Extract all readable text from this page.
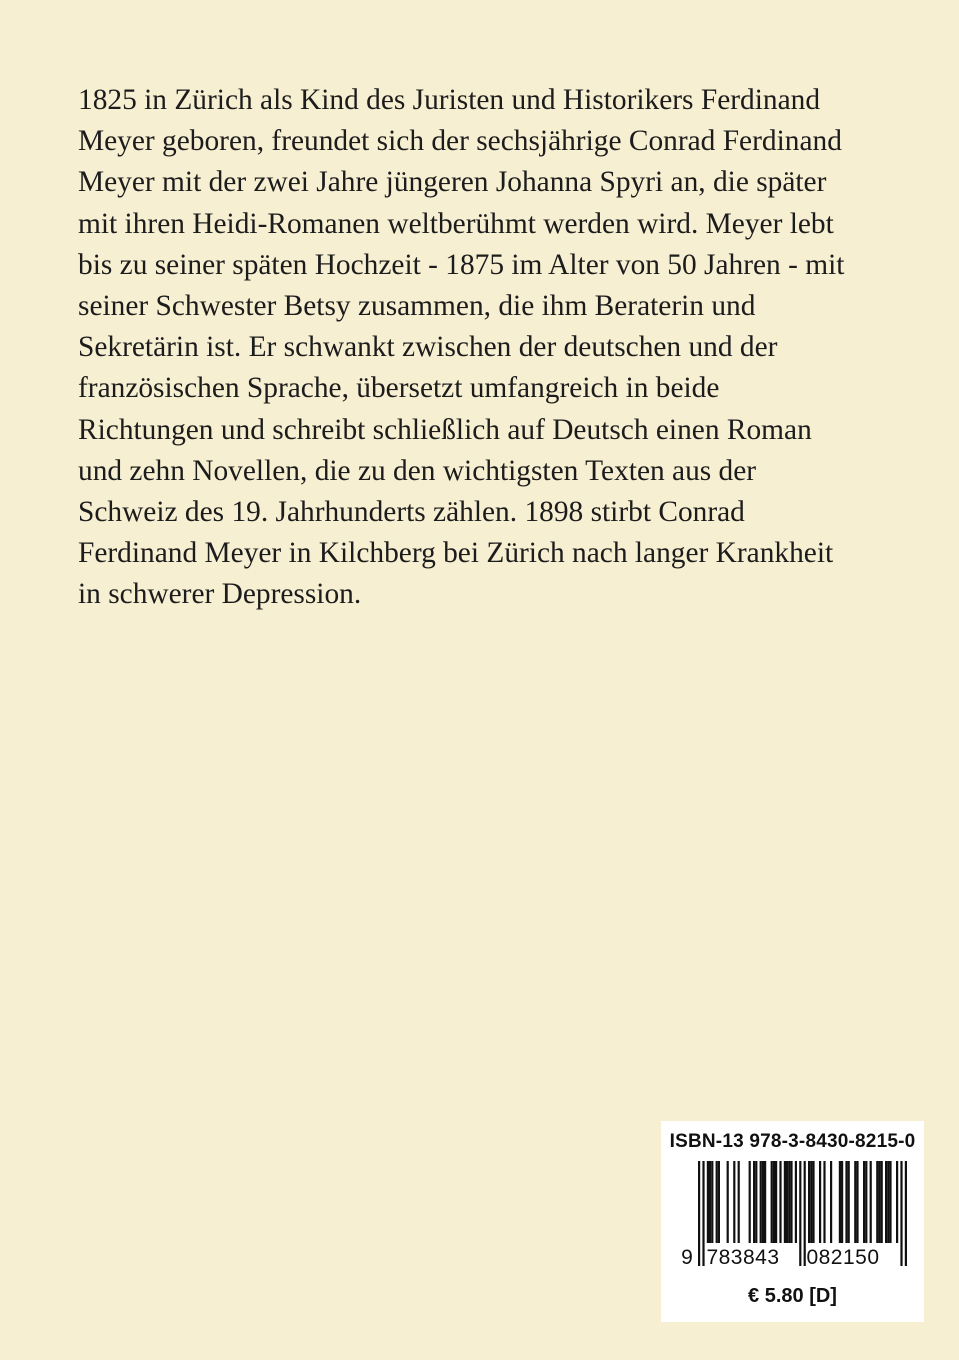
1825 in Zürich als Kind des Juristen und Historikers Ferdinand
Meyer geboren, freundet sich der sechsjährige Conrad Ferdinand
Meyer mit der zwei Jahre jüngeren Johanna Spyri an, die später
mit ihren Heidi-Romanen weltberühmt werden wird. Meyer lebt
bis zu seiner späten Hochzeit - 1875 im Alter von 50 Jahren - mit
seiner Schwester Betsy zusammen, die ihm Beraterin und
Sekretärin ist. Er schwankt zwischen der deutschen und der
französischen Sprache, übersetzt umfangreich in beide
Richtungen und schreibt schließlich auf Deutsch einen Roman
und zehn Novellen, die zu den wichtigsten Texten aus der
Schweiz des 19. Jahrhunderts zählen. 1898 stirbt Conrad
Ferdinand Meyer in Kilchberg bei Zürich nach langer Krankheit
in schwerer Depression.
ISBN-13 978-3-8430-8215-0
9 783843 082150
€ 5.80 [D]
